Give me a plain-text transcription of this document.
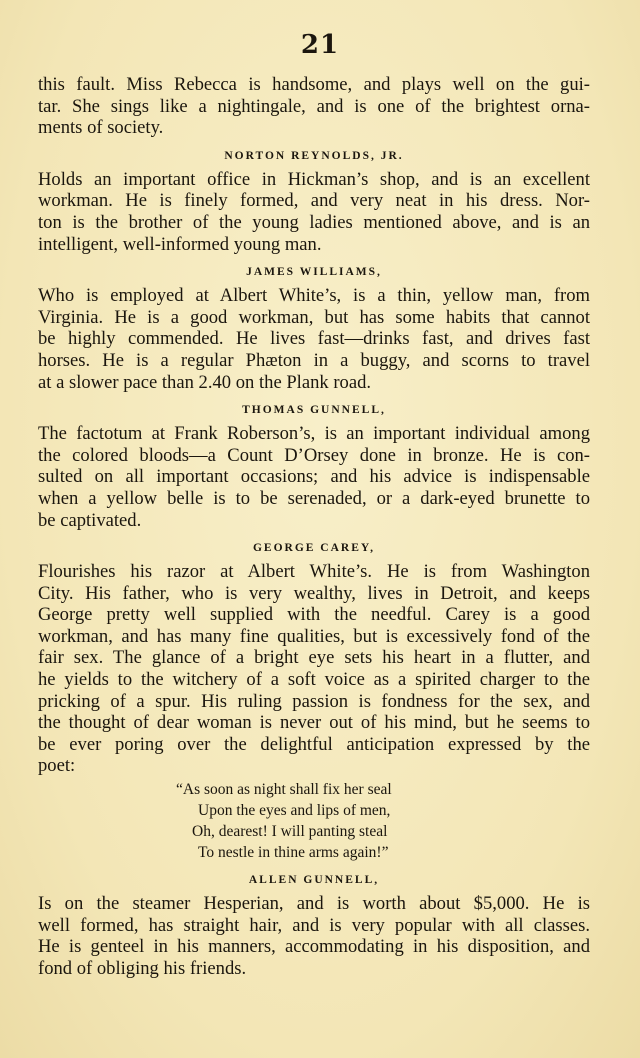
21
this fault. Miss Rebecca is handsome, and plays well on the gui-
tar. She sings like a nightingale, and is one of the brightest orna-
ments of society.
NORTON REYNOLDS, JR.
Holds an important office in Hickman’s shop, and is an excellent
workman. He is finely formed, and very neat in his dress. Nor-
ton is the brother of the young ladies mentioned above, and is an
intelligent, well-informed young man.
JAMES WILLIAMS,
Who is employed at Albert White’s, is a thin, yellow man, from
Virginia. He is a good workman, but has some habits that cannot
be highly commended. He lives fast—drinks fast, and drives fast
horses. He is a regular Phæton in a buggy, and scorns to travel
at a slower pace than 2.40 on the Plank road.
THOMAS GUNNELL,
The factotum at Frank Roberson’s, is an important individual among
the colored bloods—a Count D’Orsey done in bronze. He is con-
sulted on all important occasions; and his advice is indispensable
when a yellow belle is to be serenaded, or a dark-eyed brunette to
be captivated.
GEORGE CAREY,
Flourishes his razor at Albert White’s. He is from Washington
City. His father, who is very wealthy, lives in Detroit, and keeps
George pretty well supplied with the needful. Carey is a good
workman, and has many fine qualities, but is excessively fond of the
fair sex. The glance of a bright eye sets his heart in a flutter, and
he yields to the witchery of a soft voice as a spirited charger to the
pricking of a spur. His ruling passion is fondness for the sex, and
the thought of dear woman is never out of his mind, but he seems to
be ever poring over the delightful anticipation expressed by the
poet:
“As soon as night shall fix her seal
Upon the eyes and lips of men,
Oh, dearest! I will panting steal
To nestle in thine arms again!”
ALLEN GUNNELL,
Is on the steamer Hesperian, and is worth about $5,000. He is
well formed, has straight hair, and is very popular with all classes.
He is genteel in his manners, accommodating in his disposition, and
fond of obliging his friends.
